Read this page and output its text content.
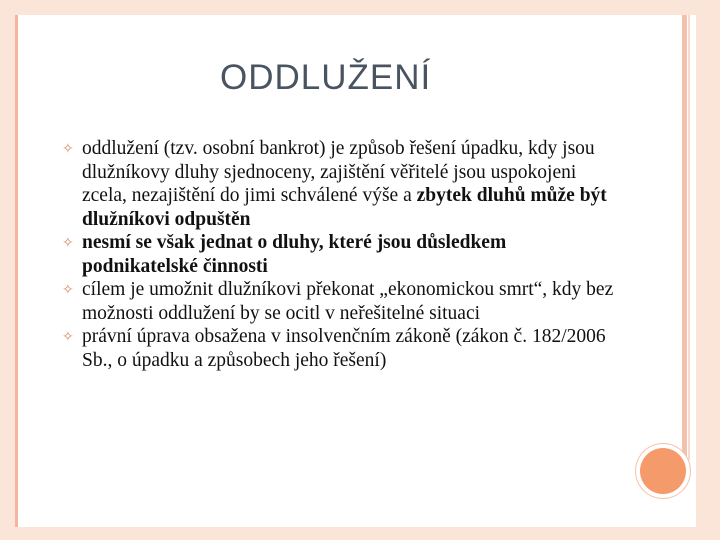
ODDLUŽENÍ
✧ oddlužení (tzv. osobní bankrot) je způsob řešení úpadku, kdy jsou dlužníkovy dluhy sjednoceny, zajištění věřitelé jsou uspokojeni zcela, nezajištění do jimi schválené výše a zbytek dluhů může být dlužníkovi odpuštěn
✧ nesmí se však jednat o dluhy, které jsou důsledkem podnikatelské činnosti
✧ cílem je umožnit dlužníkovi překonat „ekonomickou smrt“, kdy bez možnosti oddlužení by se ocitl v neřešitelné situaci
✧ právní úprava obsažena v insolvenčním zákoně (zákon č. 182/2006 Sb., o úpadku a způsobech jeho řešení)
